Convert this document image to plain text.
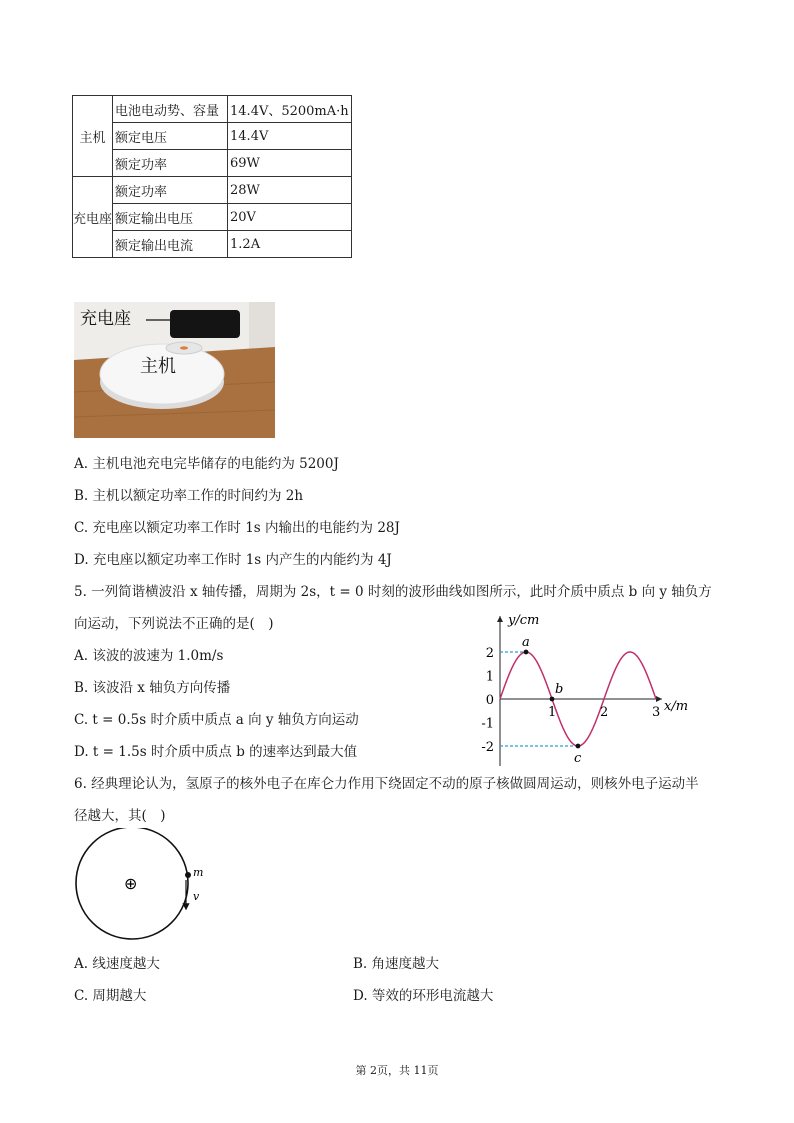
主机	电池电动势、容量	14.4V、5200mA·h
	额定电压	14.4V
	额定功率	69W
充电座	额定功率	28W
	额定输出电压	20V
	额定输出电流	1.2A
充电座
主机
A. 主机电池充电完毕储存的电能约为 5200J
B. 主机以额定功率工作的时间约为 2h
C. 充电座以额定功率工作时 1s 内输出的电能约为 28J
D. 充电座以额定功率工作时 1s 内产生的内能约为 4J
5. 一列简谐横波沿 x 轴传播，周期为 2s，t = 0 时刻的波形曲线如图所示，此时介质中质点 b 向 y 轴负方
向运动，下列说法不正确的是(　)
A. 该波的波速为 1.0m/s
B. 该波沿 x 轴负方向传播
C. t = 0.5s 时介质中质点 a 向 y 轴负方向运动
D. t = 1.5s 时介质中质点 b 的速率达到最大值
2
1
0
-1
-2
1	2	3
a
b
c
y/cm
x/m
6. 经典理论认为，氢原子的核外电子在库仑力作用下绕固定不动的原子核做圆周运动，则核外电子运动半
径越大，其(　)
⊕
m
v
A. 线速度越大	B. 角速度越大
C. 周期越大	D. 等效的环形电流越大
第 2页，共 11页
